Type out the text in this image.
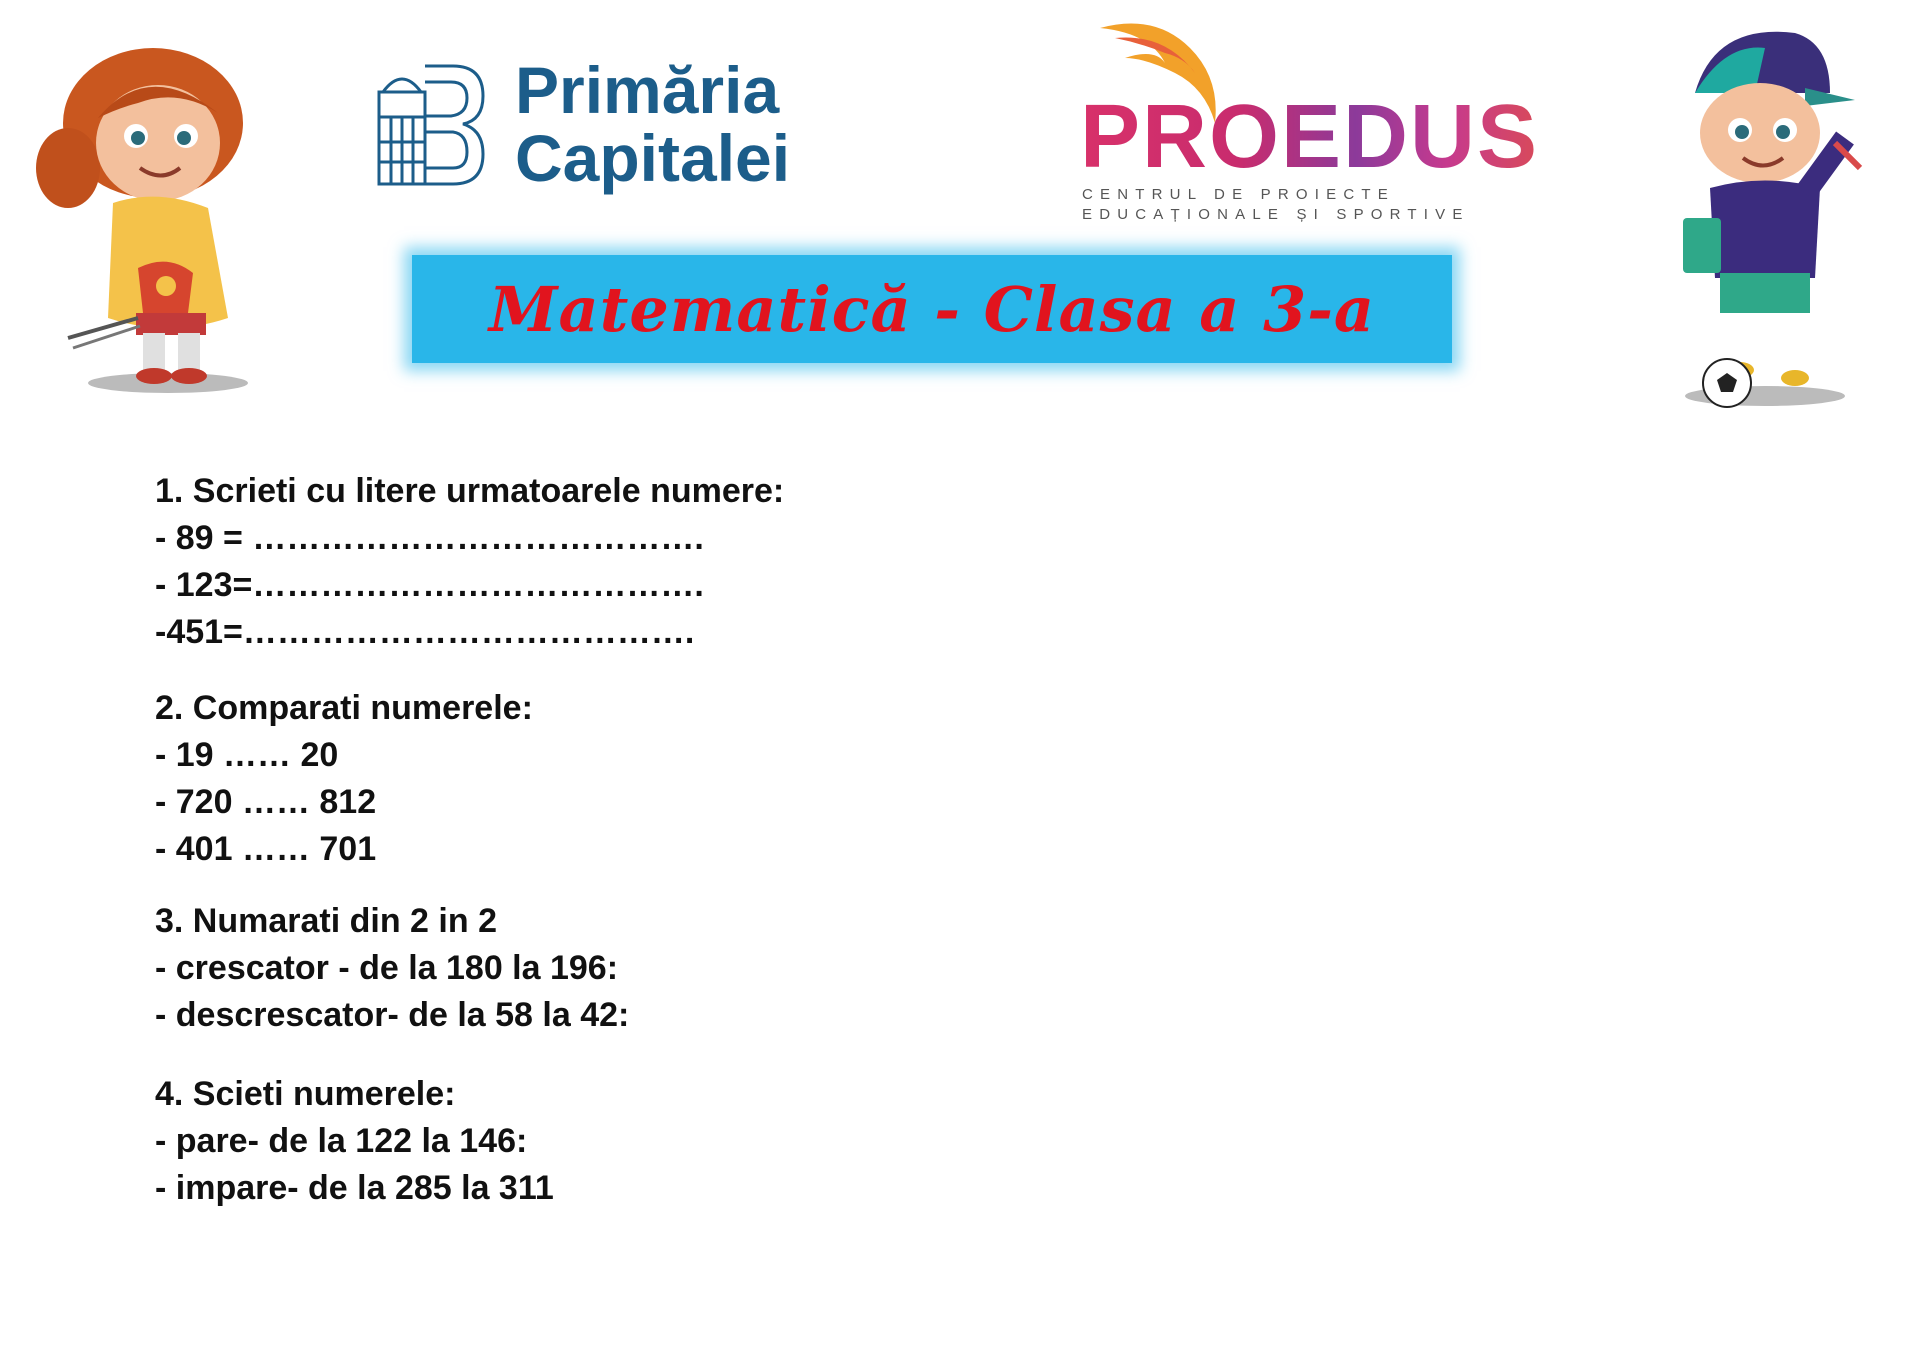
Primăria
Capitalei	PROEDUS
CENTRUL DE PROIECTE
EDUCAȚIONALE ȘI SPORTIVE
Matematică - Clasa a 3-a
1. Scrieti cu litere urmatoarele numere:
- 89 = ………………………………….
- 123=………………………………….
-451=………………………………….
2. Comparati numerele:
- 19 …… 20
- 720 …… 812
- 401 …… 701
3. Numarati din 2 in 2
- crescator - de la 180 la 196:
- descrescator- de la 58 la 42:
4. Scieti numerele:
- pare- de la 122 la 146:
- impare- de la 285 la 311
